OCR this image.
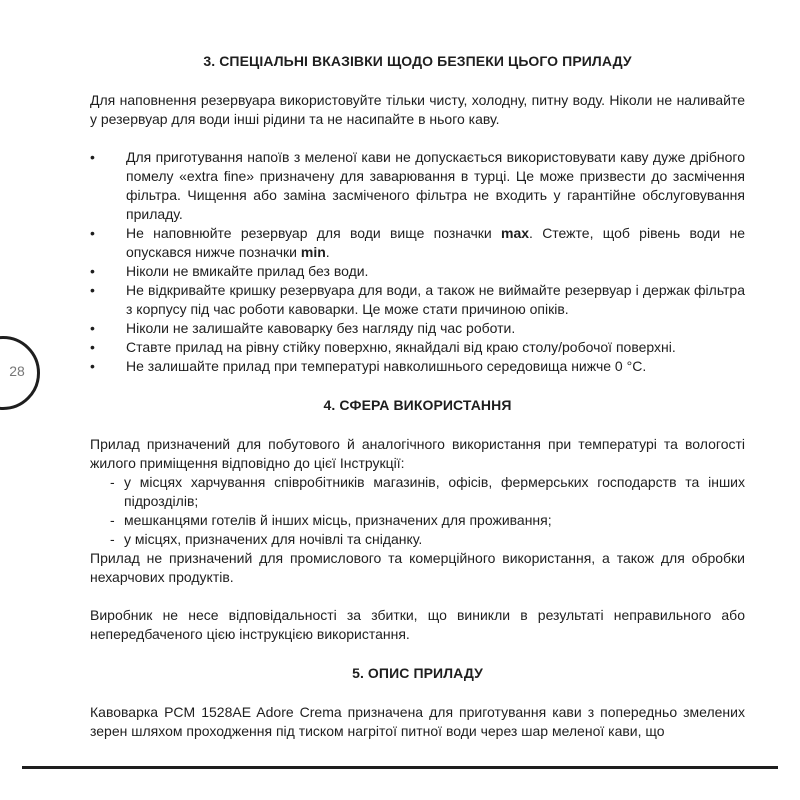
28
3. СПЕЦІАЛЬНІ ВКАЗІВКИ ЩОДО БЕЗПЕКИ ЦЬОГО ПРИЛАДУ

Для наповнення резервуара використовуйте тільки чисту, холодну, питну воду. Ніколи не наливайте у резервуар для води інші рідини та не насипайте в нього каву.

• Для приготування напоїв з меленої кави не допускається використовувати каву дуже дрібного помелу «extra fine» призначену для заварювання в турці. Це може призвести до засмічення фільтра. Чищення або заміна засміченого фільтра не входить у гарантійне обслуговування приладу.
• Не наповнюйте резервуар для води вище позначки max. Стежте, щоб рівень води не опускався нижче позначки min.
• Ніколи не вмикайте прилад без води.
• Не відкривайте кришку резервуара для води, а також не виймайте резервуар і держак фільтра з корпусу під час роботи кавоварки. Це може стати причиною опіків.
• Ніколи не залишайте кавоварку без нагляду під час роботи.
• Ставте прилад на рівну стійку поверхню, якнайдалі від краю столу/робочої поверхні.
• Не залишайте прилад при температурі навколишнього середовища нижче 0 °С.
4. СФЕРА ВИКОРИСТАННЯ

Прилад призначений для побутового й аналогічного використання при температурі та вологості жилого приміщення відповідно до цієї Інструкції:

- у місцях харчування співробітників магазинів, офісів, фермерських господарств та інших підрозділів;
- мешканцями готелів й інших місць, призначених для проживання;
- у місцях, призначених для ночівлі та сніданку.

Прилад не призначений для промислового та комерційного використання, а також для обробки нехарчових продуктів.

Виробник не несе відповідальності за збитки, що виникли в результаті неправильного або непередбаченого цією інструкцією використання.

5. ОПИС ПРИЛАДУ

Кавоварка PCM 1528AE Adore Crema призначена для приготування кави з попередньо змелених зерен шляхом проходження під тиском нагрітої питної води через шар меленої кави, що
